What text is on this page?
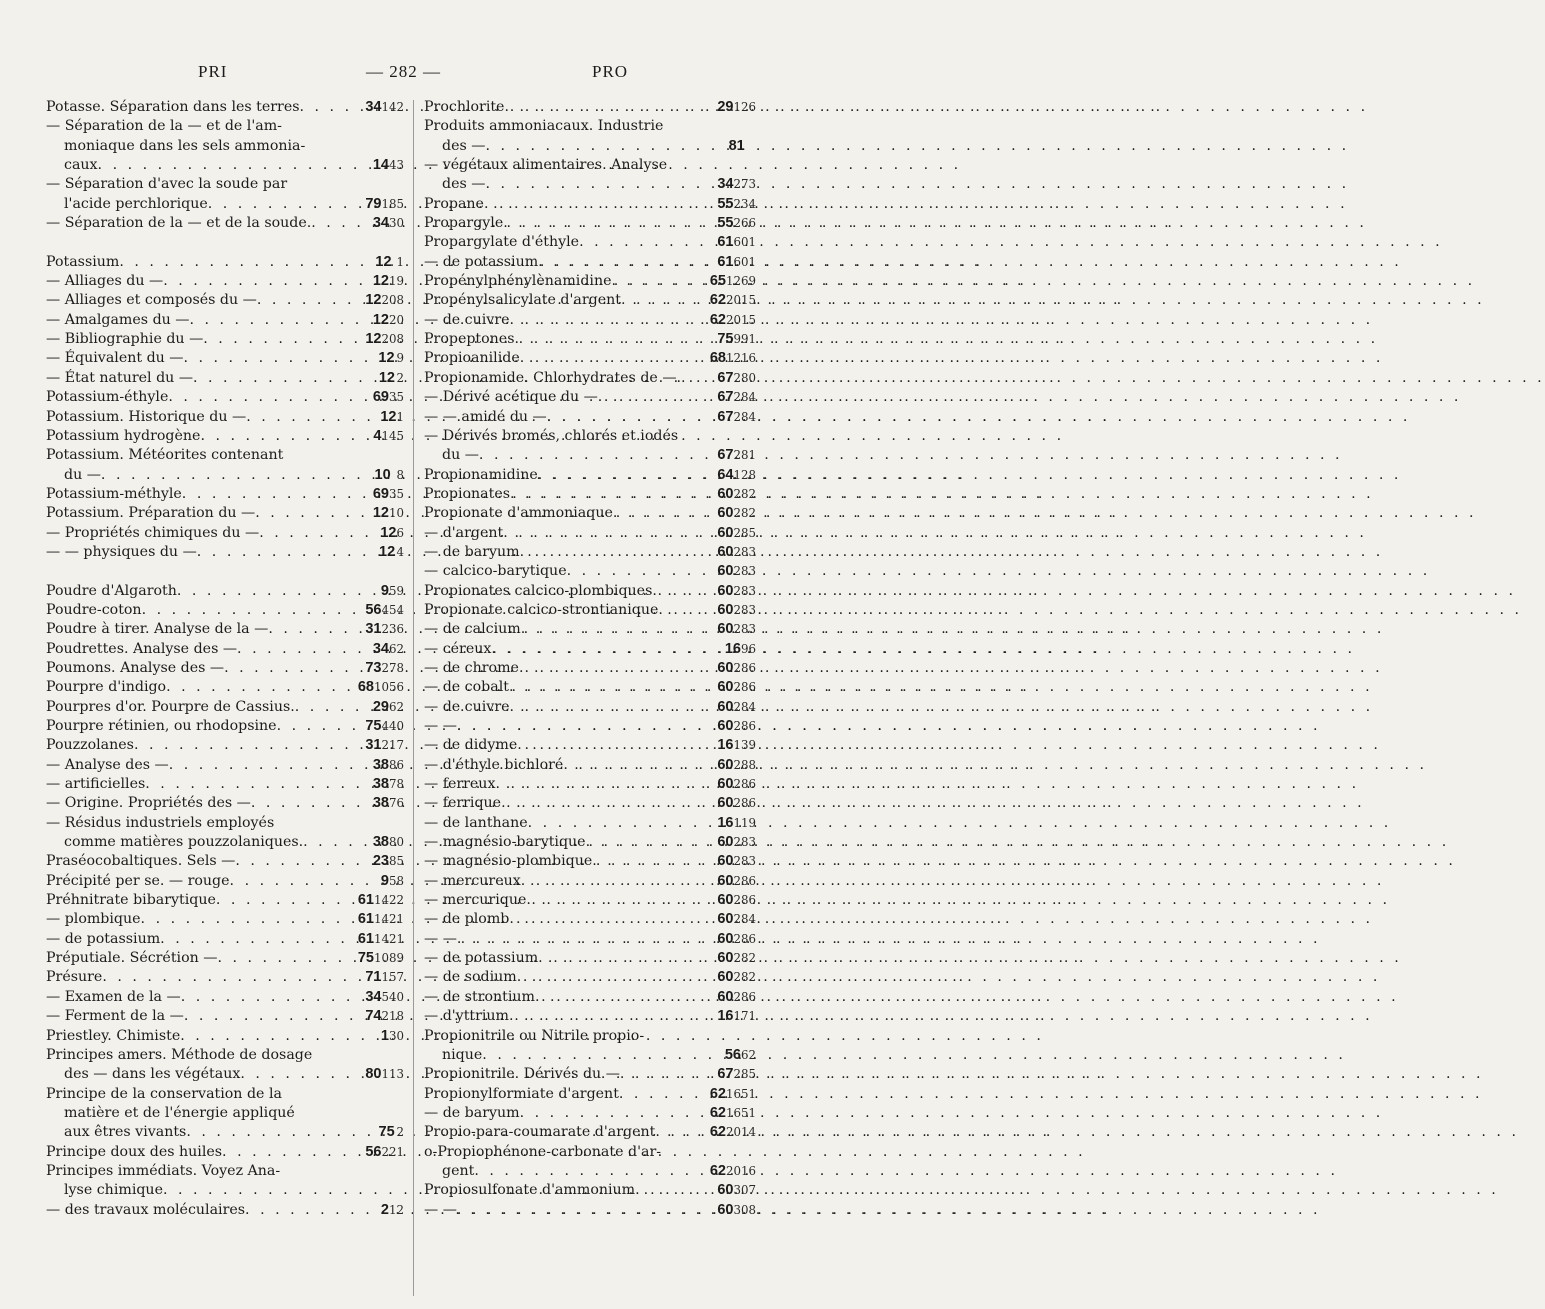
PRI	— 282 —	PRO
Potasse. Séparation dans les terres . . .	34 142
— Séparation de la — et de l'am-
moniaque dans les sels ammonia-
caux . . .	14 43
— Séparation d'avec la soude par
l'acide perchlorique . . .	79 185
— Séparation de la — et de la soude. . . .	34 30
Potassium . . .	12 1
— Alliages du — . . .	12 19
— Alliages et composés du — . . .	12 208
— Amalgames du — . . .	12 20
— Bibliographie du — . . .	12 208
— Équivalent du — . . .	12 9
— État naturel du — . . .	12 2
Potassium-éthyle . . .	69 35
Potassium. Historique du — . . .	12 1
Potassium hydrogène . . .	4 145
Potassium. Météorites contenant
du — . . .	10 8
Potassium-méthyle . . .	69 35
Potassium. Préparation du — . . .	12 10
— Propriétés chimiques du — . . .	12 6
— — physiques du — . . .	12 4
Poudre d'Algaroth . . .	9 59
Poudre-coton . . .	56 454
Poudre à tirer. Analyse de la — . . .	31 236
Poudrettes. Analyse des — . . .	34 62
Poumons. Analyse des — . . .	73 278
Pourpre d'indigo . . .	68 1056
Pourpres d'or. Pourpre de Cassius. . . .	29 62
Pourpre rétinien, ou rhodopsine . . .	75 440
Pouzzolanes . . .	31 217
— Analyse des — . . .	38 86
— artificielles . . .	38 78
— Origine. Propriétés des — . . .	38 76
— Résidus industriels employés
comme matières pouzzolaniques. . . .	38 80
Praséocobaltiques. Sels — . . .	23 85
Précipité per se. — rouge . . .	9 58
Préhnitrate bibarytique . . .	61 1422
— plombique . . .	61 1421
— de potassium . . .	61 1421
Préputiale. Sécrétion — . . .	75 1089
Présure . . .	71 157
— Examen de la — . . .	34 540
— Ferment de la — . . .	74 218
Priestley. Chimiste . . .	1 30
Principes amers. Méthode de dosage
des — dans les végétaux . . .	80 113
Principe de la conservation de la
matière et de l'énergie appliqué
aux êtres vivants . . .	75 2
Principe doux des huiles . . .	56 221
Principes immédiats. Voyez Ana-
lyse chimique
. . .
— des travaux moléculaires . . .	2 12
Prochlorite . . .	29 126
Produits ammoniacaux. Industrie
des — . . .	81
— végétaux alimentaires. Analyse
des — . . .	34 273
Propane . . .	55 234
Propargyle . . .	55 266
Propargylate d'éthyle . . .	61 601
— de potassium . . .	61 601
Propénylphénylènamidine . . .	65 1269
Propénylsalicylate d'argent . . .	62 2015
— de cuivre . . .	62 2015
Propeptones . . .	75 991
Propioanilide . . .	68 1216
Propionamide. Chlorhydrates de —. . . .	67 280
— Dérivé acétique du — . . .	67 284
— — amidé du — . . .	67 284
— Dérivés bromés, chlorés et iodés
du — . . .	67 281
Propionamidine . . .	64 128
Propionates . . .	60 282
Propionate d'ammoniaque . . .	60 282
— d'argent . . .	60 285
— de baryum . . .	60 283
— calcico-barytique . . .	60 283
Propionates calcico-plombiques . . .	60 283
Propionate calcico-strontianique . . .	60 283
— de calcium . . .	60 283
— céreux . . .	16 96
— de chrome . . .	60 286
— de cobalt . . .	60 286
— de cuivre . . .	60 284
— — . . .	60 286
— de didyme . . .	16 139
— d'éthyle bichloré . . .	60 288
— ferreux . . .	60 286
— ferrique . . .	60 286
— de lanthane . . .	16 119
— magnésio-barytique . . .	60 283
— magnésio-plombique . . .	60 283
— mercureux . . .	60 286
— mercurique . . .	60 286
— de plomb . . .	60 284
— — . . .	60 286
— de potassium . . .	60 282
— de sodium . . .	60 282
— de strontium . . .	60 286
— d'yttrium . . .	16 171
Propionitrile ou Nitrile propio-
nique . . .	56 62
Propionitrile. Dérivés du — . . .	67 285
Propionylformiate d'argent . . .	62 1651
— de baryum . . .	62 1651
Propio-para-coumarate d'argent . . .	62 2014
o-Propiophénone-carbonate d'ar-
gent . . .	62 2016
Propiosulfonate d'ammonium . . .	60 307
— — . . .	60 308
